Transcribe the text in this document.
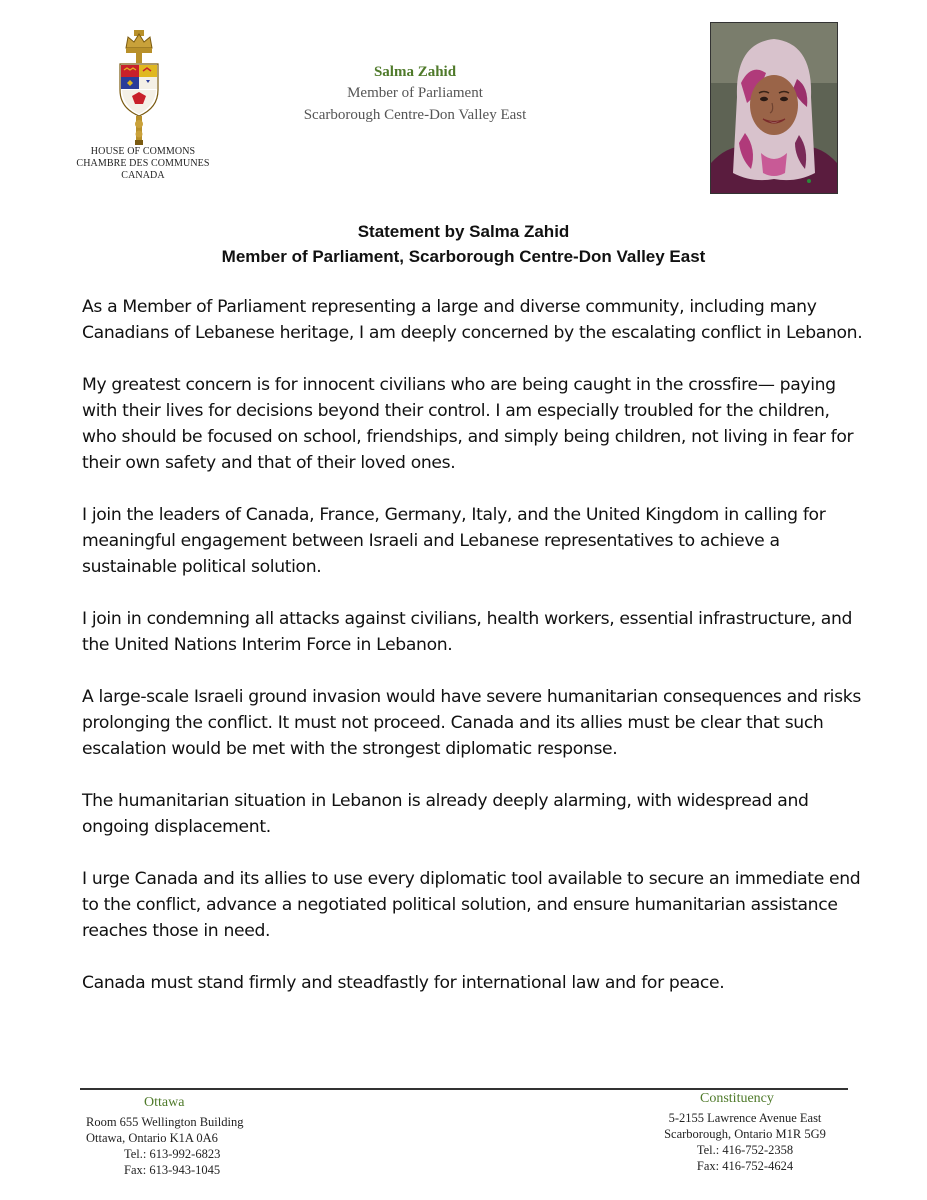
HOUSE OF COMMONS
CHAMBRE DES COMMUNES
CANADA
Salma Zahid
Member of Parliament
Scarborough Centre-Don Valley East
Statement by Salma Zahid
Member of Parliament, Scarborough Centre-Don Valley East

As a Member of Parliament representing a large and diverse community, including many Canadians of Lebanese heritage, I am deeply concerned by the escalating conflict in Lebanon.

My greatest concern is for innocent civilians who are being caught in the crossfire— paying with their lives for decisions beyond their control. I am especially troubled for the children, who should be focused on school, friendships, and simply being children, not living in fear for their own safety and that of their loved ones.

I join the leaders of Canada, France, Germany, Italy, and the United Kingdom in calling for meaningful engagement between Israeli and Lebanese representatives to achieve a sustainable political solution.

I join in condemning all attacks against civilians, health workers, essential infrastructure, and the United Nations Interim Force in Lebanon.

A large-scale Israeli ground invasion would have severe humanitarian consequences and risks prolonging the conflict. It must not proceed. Canada and its allies must be clear that such escalation would be met with the strongest diplomatic response.

The humanitarian situation in Lebanon is already deeply alarming, with widespread and ongoing displacement.

I urge Canada and its allies to use every diplomatic tool available to secure an immediate end to the conflict, advance a negotiated political solution, and ensure humanitarian assistance reaches those in need.

Canada must stand firmly and steadfastly for international law and for peace.

Ottawa
Room 655 Wellington Building
Ottawa, Ontario K1A 0A6
Tel.: 613-992-6823
Fax: 613-943-1045
Constituency
5-2155 Lawrence Avenue East
Scarborough, Ontario M1R 5G9
Tel.: 416-752-2358
Fax: 416-752-4624
